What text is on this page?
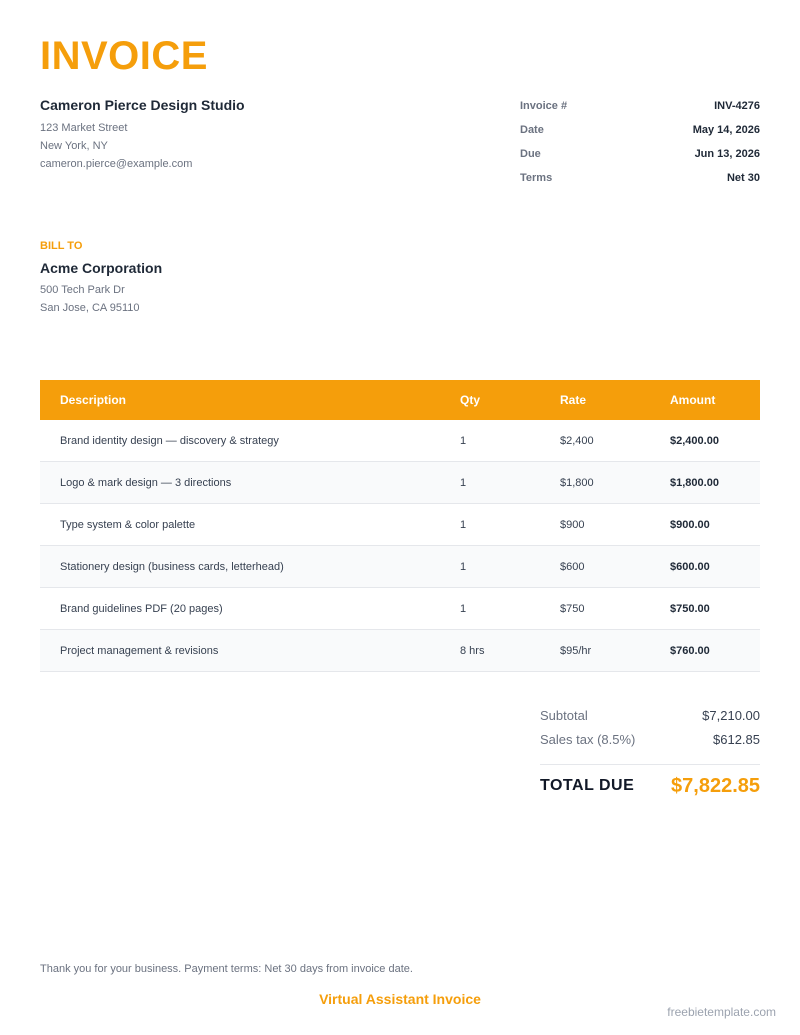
INVOICE
Cameron Pierce Design Studio
123 Market Street
New York, NY
cameron.pierce@example.com
Invoice #	INV-4276
Date	May 14, 2026
Due	Jun 13, 2026
Terms	Net 30
BILL TO
Acme Corporation
500 Tech Park Dr
San Jose, CA 95110
Description	Qty	Rate	Amount
Brand identity design — discovery & strategy	1	$2,400	$2,400.00
Logo & mark design — 3 directions	1	$1,800	$1,800.00
Type system & color palette	1	$900	$900.00
Stationery design (business cards, letterhead)	1	$600	$600.00
Brand guidelines PDF (20 pages)	1	$750	$750.00
Project management & revisions	8 hrs	$95/hr	$760.00
Subtotal	$7,210.00
Sales tax (8.5%)	$612.85
TOTAL DUE $7,822.85
Thank you for your business. Payment terms: Net 30 days from invoice date.
Virtual Assistant Invoice
freebietemplate.com
